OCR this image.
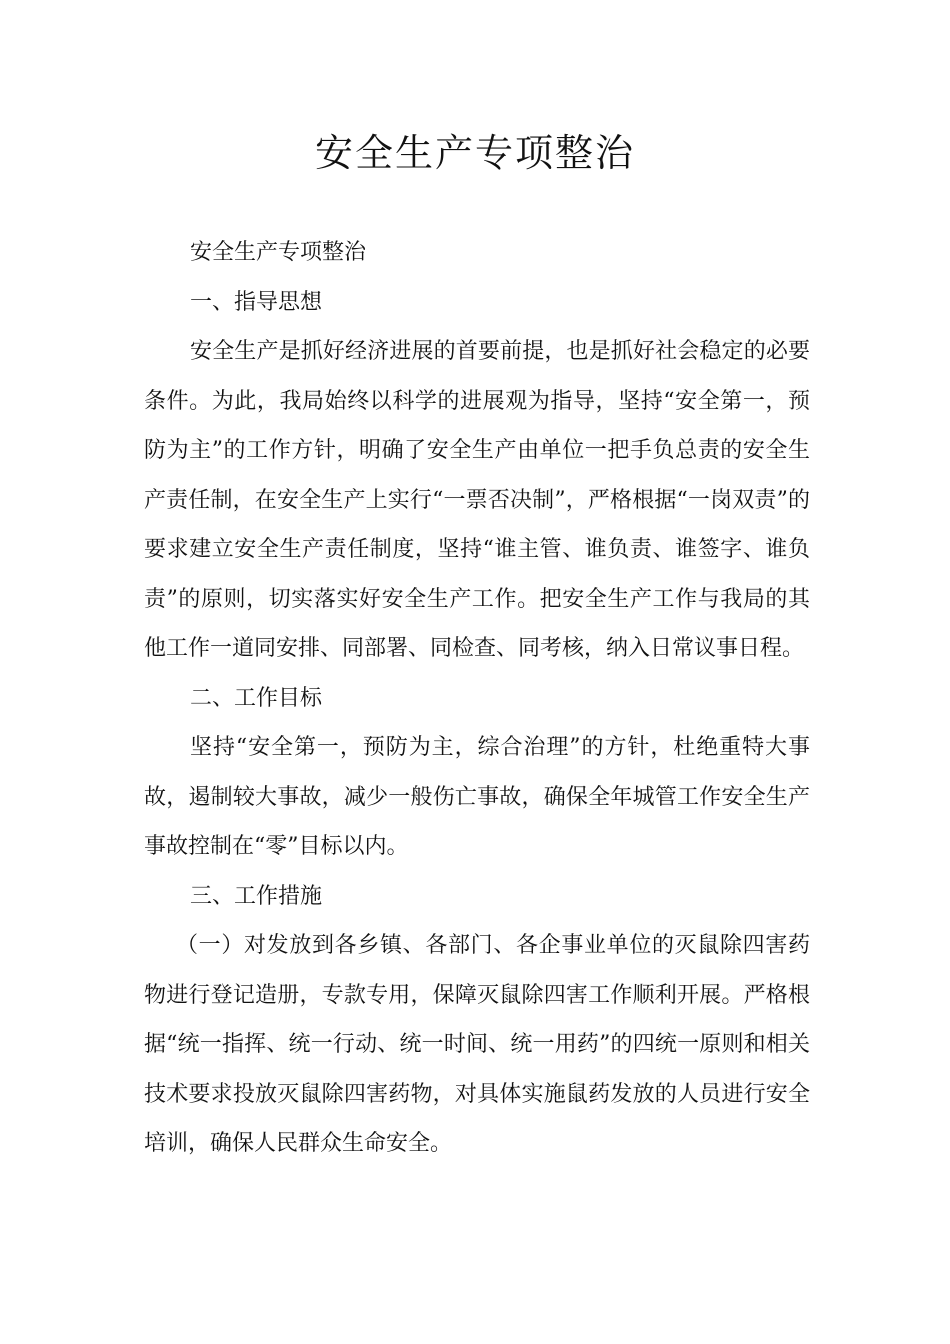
安全生产专项整治

安全生产专项整治

一、指导思想

安全生产是抓好经济进展的首要前提，也是抓好社会稳定的必要条件。为此，我局始终以科学的进展观为指导，坚持“安全第一，预防为主”的工作方针，明确了安全生产由单位一把手负总责的安全生产责任制，在安全生产上实行“一票否决制”，严格根据“一岗双责”的要求建立安全生产责任制度，坚持“谁主管、谁负责、谁签字、谁负责”的原则，切实落实好安全生产工作。把安全生产工作与我局的其他工作一道同安排、同部署、同检查、同考核，纳入日常议事日程。

二、工作目标

坚持“安全第一，预防为主，综合治理”的方针，杜绝重特大事故，遏制较大事故，减少一般伤亡事故，确保全年城管工作安全生产事故控制在“零”目标以内。

三、工作措施

（一）对发放到各乡镇、各部门、各企事业单位的灭鼠除四害药物进行登记造册，专款专用，保障灭鼠除四害工作顺利开展。严格根据“统一指挥、统一行动、统一时间、统一用药”的四统一原则和相关技术要求投放灭鼠除四害药物，对具体实施鼠药发放的人员进行安全培训，确保人民群众生命安全。
